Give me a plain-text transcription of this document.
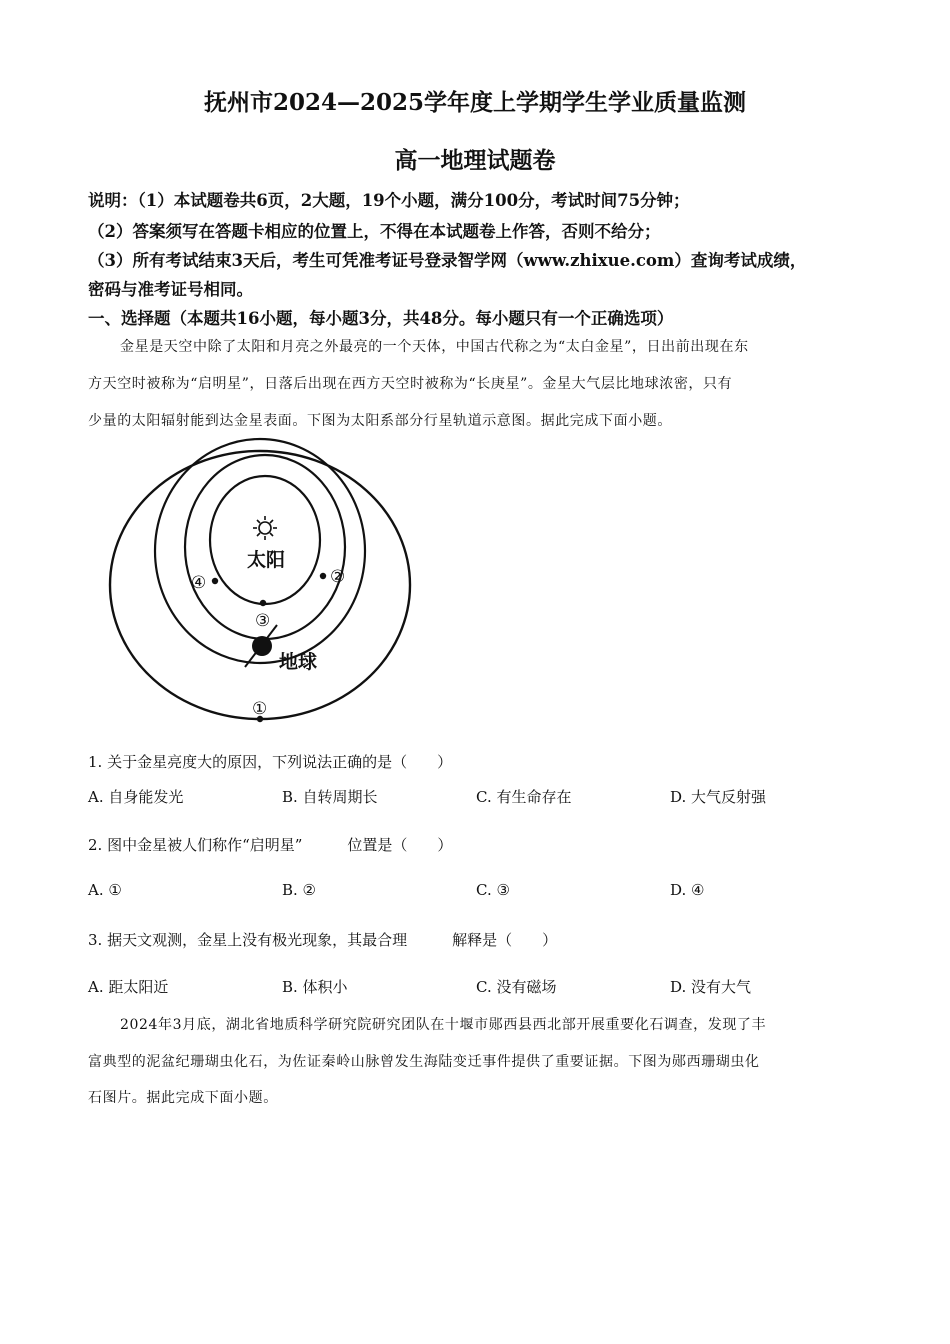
抚州市2024—2025学年度上学期学生学业质量监测
高一地理试题卷
说明：（1）本试题卷共6页，2大题，19个小题，满分100分，考试时间75分钟；
（2）答案须写在答题卡相应的位置上，不得在本试题卷上作答，否则不给分；
（3）所有考试结束3天后，考生可凭准考证号登录智学网（www.zhixue.com）查询考试成绩，
密码与准考证号相同。
一、选择题（本题共16小题，每小题3分，共48分。每小题只有一个正确选项）
金星是天空中除了太阳和月亮之外最亮的一个天体，中国古代称之为“太白金星”，日出前出现在东
方天空时被称为“启明星”，日落后出现在西方天空时被称为“长庚星”。金星大气层比地球浓密，只有
少量的太阳辐射能到达金星表面。下图为太阳系部分行星轨道示意图。据此完成下面小题。
太阳
地球
④	②
③
①
1. 关于金星亮度大的原因，下列说法正确的是（　　）
A. 自身能发光	B. 自转周期长	C. 有生命存在	D. 大气反射强
2. 图中金星被人们称作“启明星”　　　位置是（　　）
A. ①	B. ②	C. ③	D. ④
3. 据天文观测，金星上没有极光现象，其最合理　　　解释是（　　）
A. 距太阳近	B. 体积小	C. 没有磁场	D. 没有大气
2024年3月底，湖北省地质科学研究院研究团队在十堰市郧西县西北部开展重要化石调查，发现了丰
富典型的泥盆纪珊瑚虫化石，为佐证秦岭山脉曾发生海陆变迁事件提供了重要证据。下图为郧西珊瑚虫化
石图片。据此完成下面小题。
